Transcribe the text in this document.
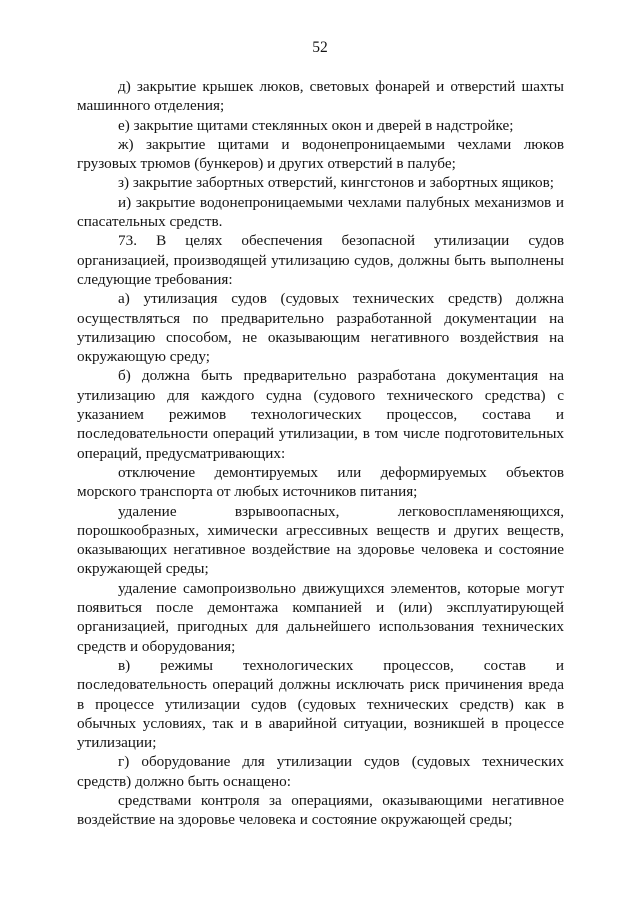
52

д) закрытие крышек люков, световых фонарей и отверстий шахты машинного отделения;

е) закрытие щитами стеклянных окон и дверей в надстройке;

ж) закрытие щитами и водонепроницаемыми чехлами люков грузовых трюмов (бункеров) и других отверстий в палубе;

з) закрытие забортных отверстий, кингстонов и забортных ящиков;

и) закрытие водонепроницаемыми чехлами палубных механизмов и спасательных средств.

73. В целях обеспечения безопасной утилизации судов организацией, производящей утилизацию судов, должны быть выполнены следующие требования:

а) утилизация судов (судовых технических средств) должна осуществляться по предварительно разработанной документации на утилизацию способом, не оказывающим негативного воздействия на окружающую среду;

б) должна быть предварительно разработана документация на утилизацию для каждого судна (судового технического средства) с указанием режимов технологических процессов, состава и последовательности операций утилизации, в том числе подготовительных операций, предусматривающих:

отключение демонтируемых или деформируемых объектов морского транспорта от любых источников питания;

удаление взрывоопасных, легковоспламеняющихся, порошкообразных, химически агрессивных веществ и других веществ, оказывающих негативное воздействие на здоровье человека и состояние окружающей среды;

удаление самопроизвольно движущихся элементов, которые могут появиться после демонтажа компанией и (или) эксплуатирующей организацией, пригодных для дальнейшего использования технических средств и оборудования;

в) режимы технологических процессов, состав и последовательность операций должны исключать риск причинения вреда в процессе утилизации судов (судовых технических средств) как в обычных условиях, так и в аварийной ситуации, возникшей в процессе утилизации;

г) оборудование для утилизации судов (судовых технических средств) должно быть оснащено:

средствами контроля за операциями, оказывающими негативное воздействие на здоровье человека и состояние окружающей среды;
